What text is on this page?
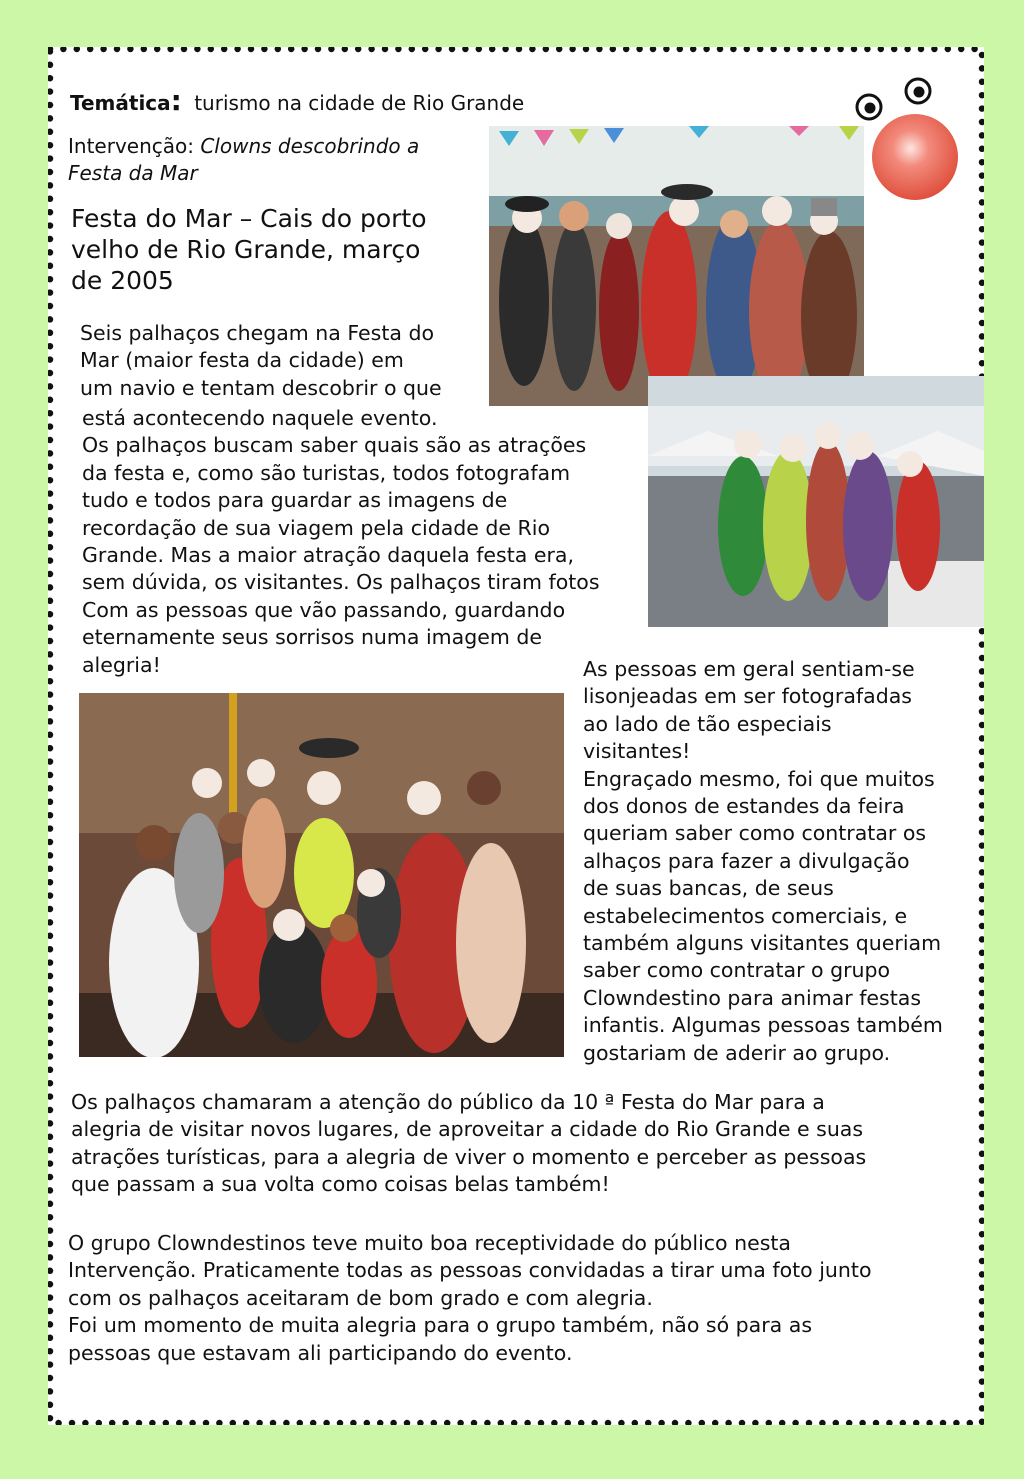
Temática: turismo na cidade de Rio Grande
Intervenção: Clowns descobrindo a
Festa da Mar
Festa do Mar – Cais do porto
velho de Rio Grande, março
de 2005
Seis palhaços chegam na Festa do
Mar (maior festa da cidade) em
um navio e tentam descobrir o que
está acontecendo naquele evento.
Os palhaços buscam saber quais são as atrações
da festa e, como são turistas, todos fotografam
tudo e todos para guardar as imagens de
recordação de sua viagem pela cidade de Rio
Grande. Mas a maior atração daquela festa era,
sem dúvida, os visitantes. Os palhaços tiram fotos
Com as pessoas que vão passando, guardando
eternamente seus sorrisos numa imagem de
alegria!	As pessoas em geral sentiam-se
lisonjeadas em ser fotografadas
ao lado de tão especiais
visitantes!
Engraçado mesmo, foi que muitos
dos donos de estandes da feira
queriam saber como contratar os
alhaços para fazer a divulgação
de suas bancas, de seus
estabelecimentos comerciais, e
também alguns visitantes queriam
saber como contratar o grupo
Clowndestino para animar festas
infantis. Algumas pessoas também
gostariam de aderir ao grupo.
Os palhaços chamaram a atenção do público da 10 ª Festa do Mar para a
alegria de visitar novos lugares, de aproveitar a cidade do Rio Grande e suas
atrações turísticas, para a alegria de viver o momento e perceber as pessoas
que passam a sua volta como coisas belas também!
O grupo Clowndestinos teve muito boa receptividade do público nesta
Intervenção. Praticamente todas as pessoas convidadas a tirar uma foto junto
com os palhaços aceitaram de bom grado e com alegria.
Foi um momento de muita alegria para o grupo também, não só para as
pessoas que estavam ali participando do evento.
